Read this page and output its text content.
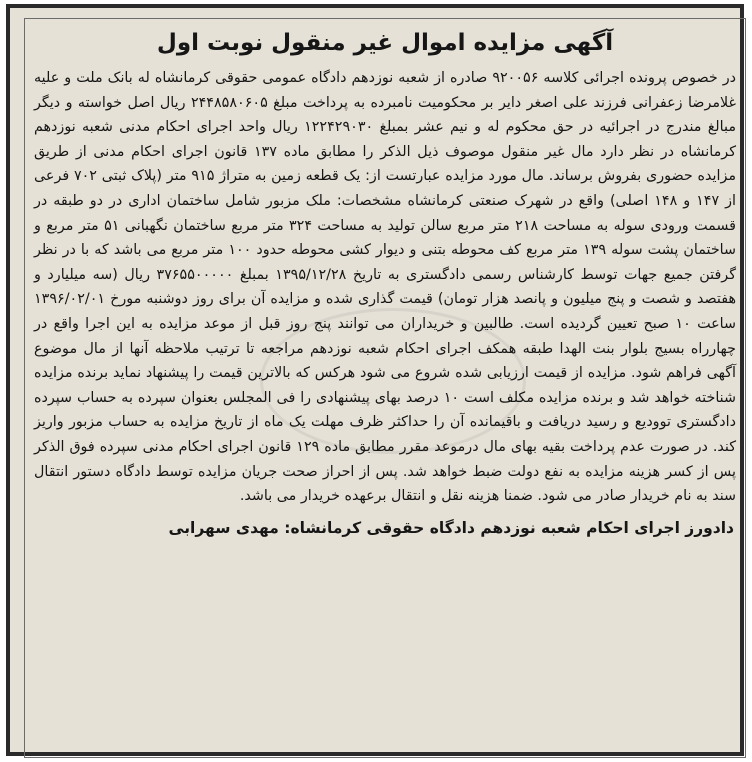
آگهی مزایده اموال غیر منقول نوبت اول

در خصوص پرونده اجرائی کلاسه ۹۲۰۰۵۶ صادره از شعبه نوزدهم دادگاه عمومی حقوقی کرمانشاه له بانک ملت و علیه غلامرضا زعفرانی فرزند علی اصغر دایر بر محکومیت نامبرده به پرداخت مبلغ ۲۴۴۸۵۸۰۶۰۵ ریال اصل خواسته و دیگر مبالغ مندرج در اجرائیه در حق محکوم له و نیم عشر بمبلغ ۱۲۲۴۲۹۰۳۰ ریال واحد اجرای احکام مدنی شعبه نوزدهم کرمانشاه در نظر دارد مال غیر منقول موصوف ذیل الذکر را مطابق ماده ۱۳۷ قانون اجرای احکام مدنی از طریق مزایده حضوری بفروش برساند. مال مورد مزایده عبارتست از: یک قطعه زمین به متراژ ۹۱۵ متر (پلاک ثبتی ۷۰۲ فرعی از ۱۴۷ و ۱۴۸ اصلی) واقع در شهرک صنعتی کرمانشاه مشخصات: ملک مزبور شامل ساختمان اداری در دو طبقه در قسمت ورودی سوله به مساحت ۲۱۸ متر مربع سالن تولید به مساحت ۳۲۴ متر مربع ساختمان نگهبانی ۵۱ متر مربع و ساختمان پشت سوله ۱۳۹ متر مربع کف محوطه بتنی و دیوار کشی محوطه حدود ۱۰۰ متر مربع می باشد که با در نظر گرفتن جمیع جهات توسط کارشناس رسمی دادگستری به تاریخ ۱۳۹۵/۱۲/۲۸ بمبلغ ۳۷۶۵۵۰۰۰۰۰ ریال (سه میلیارد و هفتصد و شصت و پنج میلیون و پانصد هزار تومان) قیمت گذاری شده و مزایده آن برای روز دوشنبه مورخ ۱۳۹۶/۰۲/۰۱ ساعت ۱۰ صبح تعیین گردیده است. طالبین و خریداران می توانند پنج روز قبل از موعد مزایده به این اجرا واقع در چهارراه بسیج بلوار بنت الهدا طبقه همکف اجرای احکام شعبه نوزدهم مراجعه تا ترتیب ملاحظه آنها از مال موضوع آگهی فراهم شود. مزایده از قیمت ارزیابی شده شروع می شود هرکس که بالاترین قیمت را پیشنهاد نماید برنده مزایده شناخته خواهد شد و برنده مزایده مکلف است ۱۰ درصد بهای پیشنهادی را فی المجلس بعنوان سپرده به حساب سپرده دادگستری توودیع و رسید دریافت و باقیمانده آن را حداکثر ظرف مهلت یک ماه از تاریخ مزایده به حساب مزبور واریز کند. در صورت عدم پرداخت بقیه بهای مال درموعد مقرر مطابق ماده ۱۲۹ قانون اجرای احکام مدنی سپرده فوق الذکر پس از کسر هزینه مزایده به نفع دولت ضبط خواهد شد. پس از احراز صحت جریان مزایده توسط دادگاه دستور انتقال سند به نام خریدار صادر می شود. ضمنا هزینه نقل و انتقال برعهده خریدار می باشد.

دادورز اجرای احکام شعبه نوزدهم دادگاه حقوقی کرمانشاه: مهدی سهرابی
